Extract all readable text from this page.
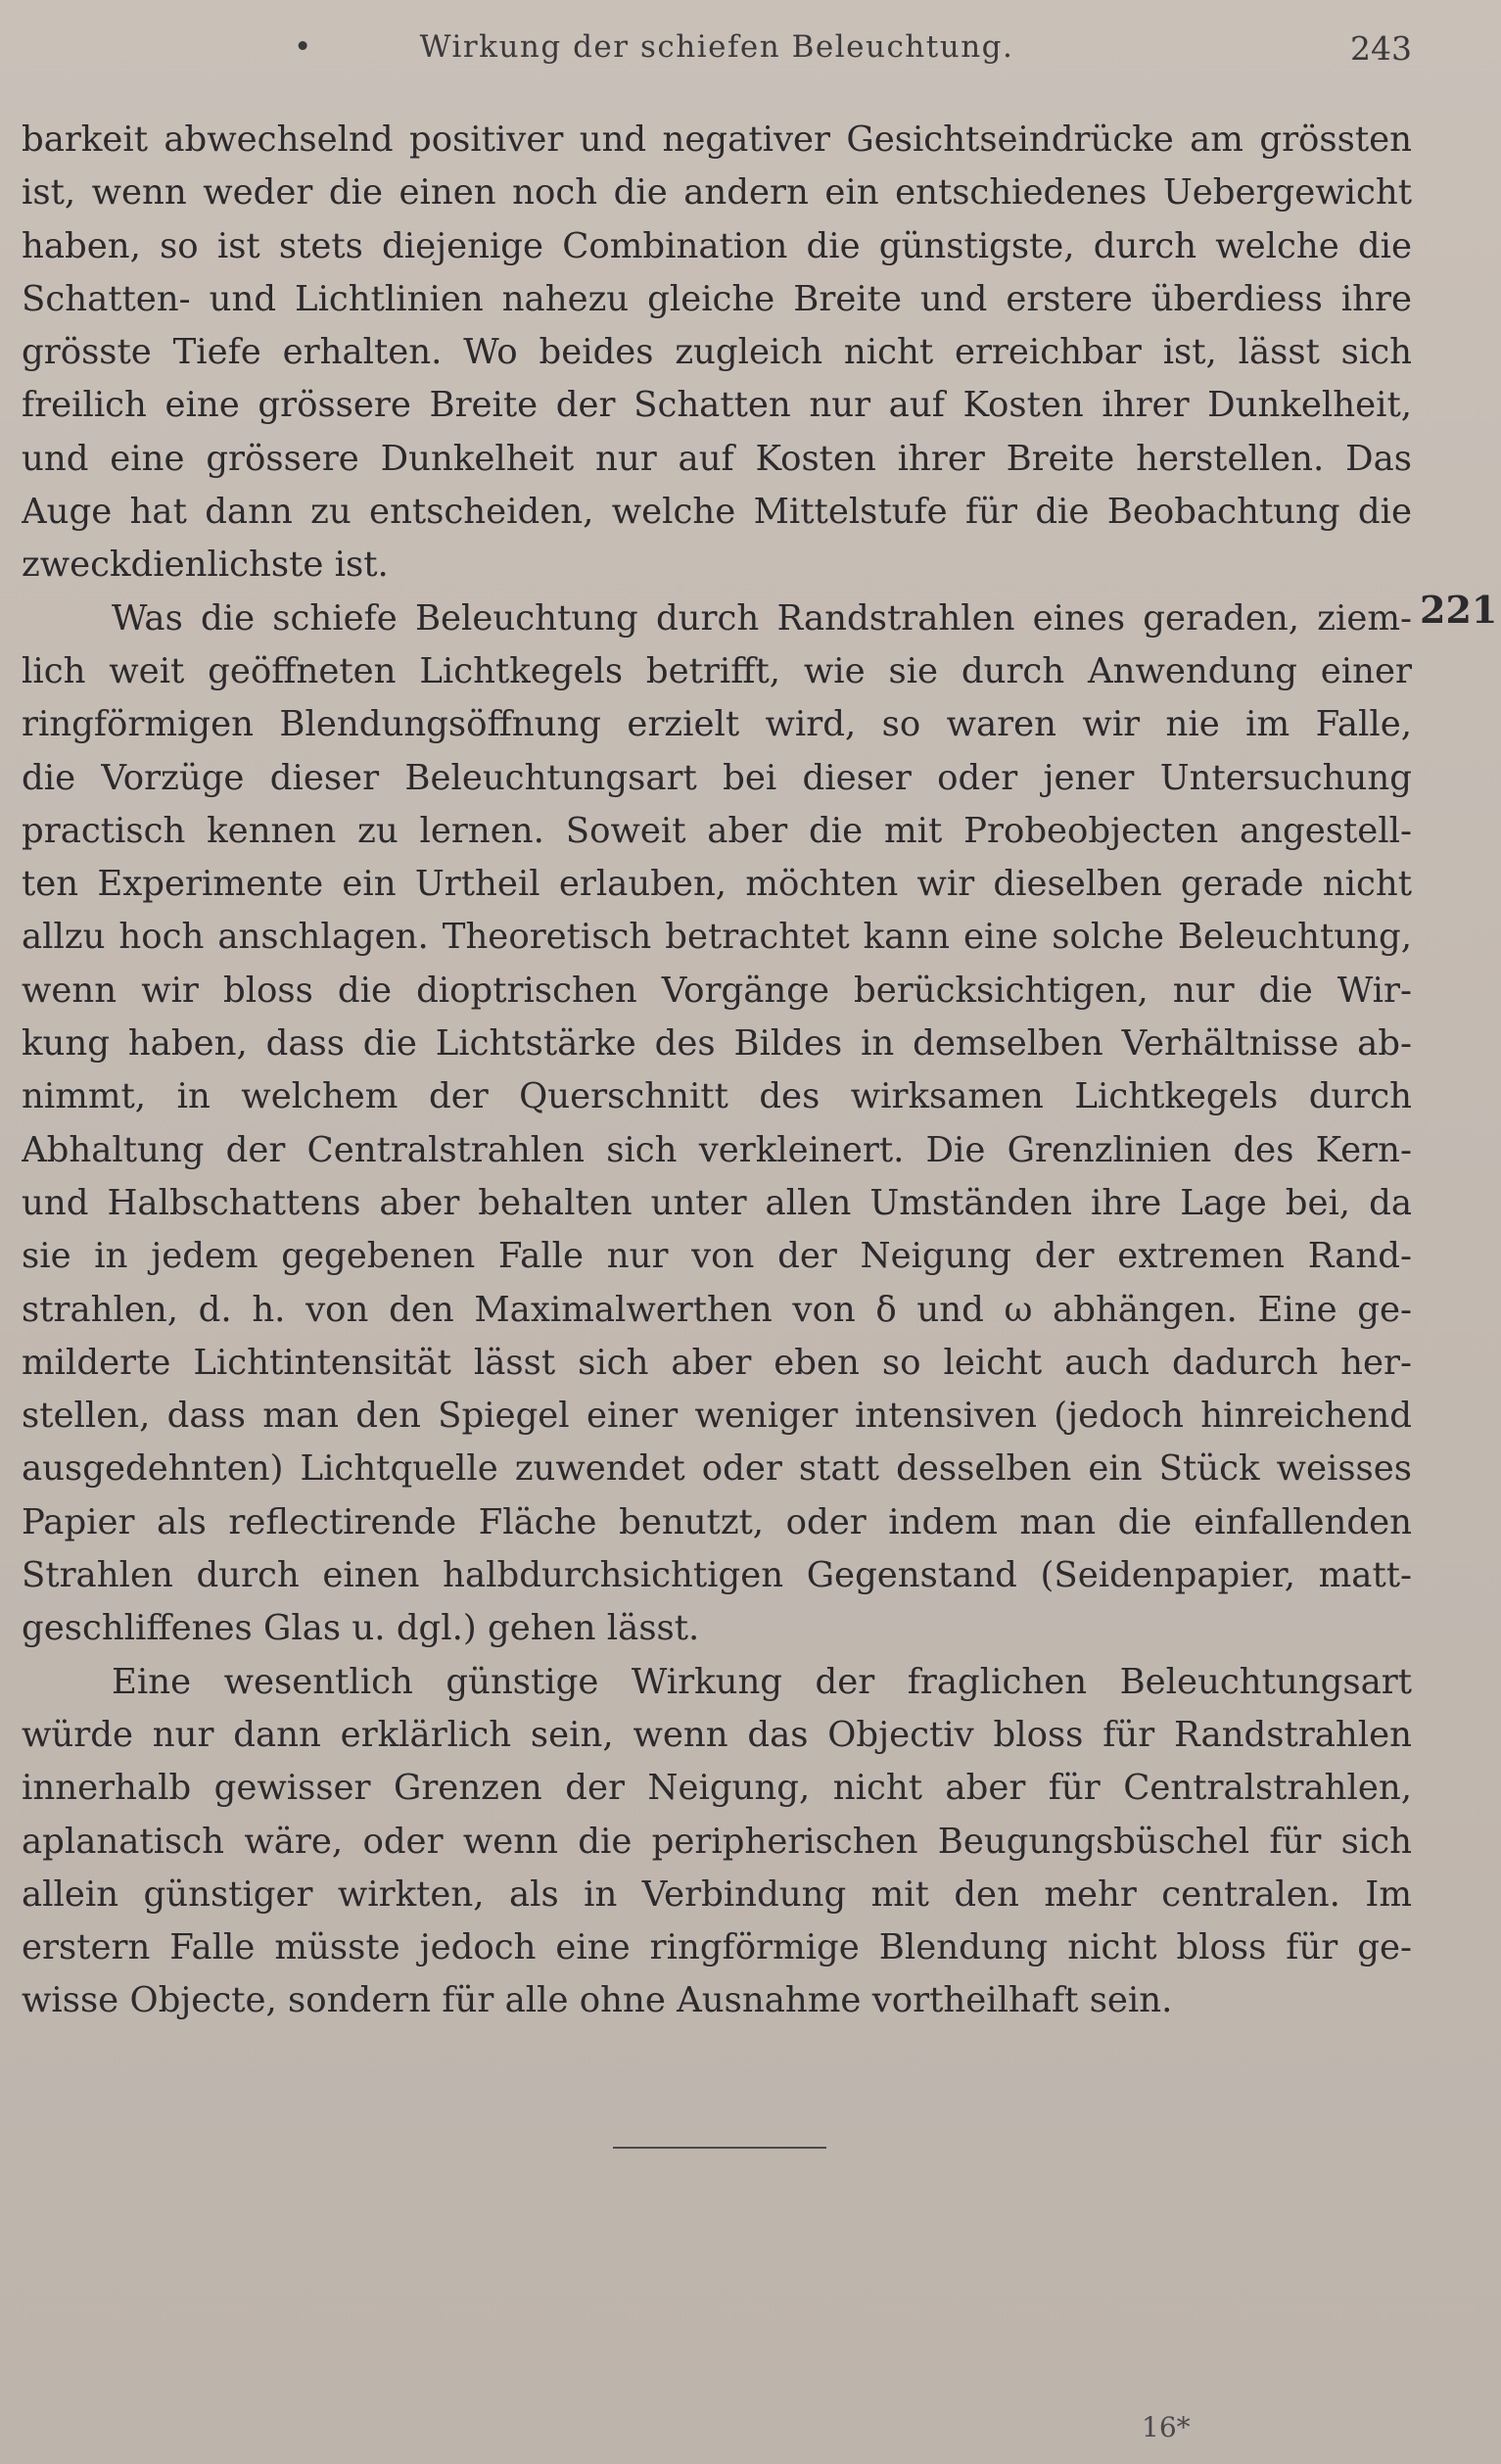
•	Wirkung der schiefen Beleuchtung.	243
barkeit abwechselnd positiver und negativer Gesichtseindrücke am grössten
ist, wenn weder die einen noch die andern ein entschiedenes Uebergewicht
haben, so ist stets diejenige Combination die günstigste, durch welche die
Schatten- und Lichtlinien nahezu gleiche Breite und erstere überdiess ihre
grösste Tiefe erhalten. Wo beides zugleich nicht erreichbar ist, lässt sich
freilich eine grössere Breite der Schatten nur auf Kosten ihrer Dunkelheit,
und eine grössere Dunkelheit nur auf Kosten ihrer Breite herstellen. Das
Auge hat dann zu entscheiden, welche Mittelstufe für die Beobachtung die
zweckdienlichste ist.
Was die schiefe Beleuchtung durch Randstrahlen eines geraden, ziem-
lich weit geöffneten Lichtkegels betrifft, wie sie durch Anwendung einer
ringförmigen Blendungsöffnung erzielt wird, so waren wir nie im Falle,
die Vorzüge dieser Beleuchtungsart bei dieser oder jener Untersuchung
practisch kennen zu lernen. Soweit aber die mit Probeobjecten angestell-
ten Experimente ein Urtheil erlauben, möchten wir dieselben gerade nicht
allzu hoch anschlagen. Theoretisch betrachtet kann eine solche Beleuchtung,
wenn wir bloss die dioptrischen Vorgänge berücksichtigen, nur die Wir-
kung haben, dass die Lichtstärke des Bildes in demselben Verhältnisse ab-
nimmt, in welchem der Querschnitt des wirksamen Lichtkegels durch
Abhaltung der Centralstrahlen sich verkleinert. Die Grenzlinien des Kern-
und Halbschattens aber behalten unter allen Umständen ihre Lage bei, da
sie in jedem gegebenen Falle nur von der Neigung der extremen Rand-
strahlen, d. h. von den Maximalwerthen von δ und ω abhängen. Eine ge-
milderte Lichtintensität lässt sich aber eben so leicht auch dadurch her-
stellen, dass man den Spiegel einer weniger intensiven (jedoch hinreichend
ausgedehnten) Lichtquelle zuwendet oder statt desselben ein Stück weisses
Papier als reflectirende Fläche benutzt, oder indem man die einfallenden
Strahlen durch einen halbdurchsichtigen Gegenstand (Seidenpapier, matt-
geschliffenes Glas u. dgl.) gehen lässt.
Eine wesentlich günstige Wirkung der fraglichen Beleuchtungsart
würde nur dann erklärlich sein, wenn das Objectiv bloss für Randstrahlen
innerhalb gewisser Grenzen der Neigung, nicht aber für Centralstrahlen,
aplanatisch wäre, oder wenn die peripherischen Beugungsbüschel für sich
allein günstiger wirkten, als in Verbindung mit den mehr centralen. Im
erstern Falle müsste jedoch eine ringförmige Blendung nicht bloss für ge-
wisse Objecte, sondern für alle ohne Ausnahme vortheilhaft sein.
221
16*
